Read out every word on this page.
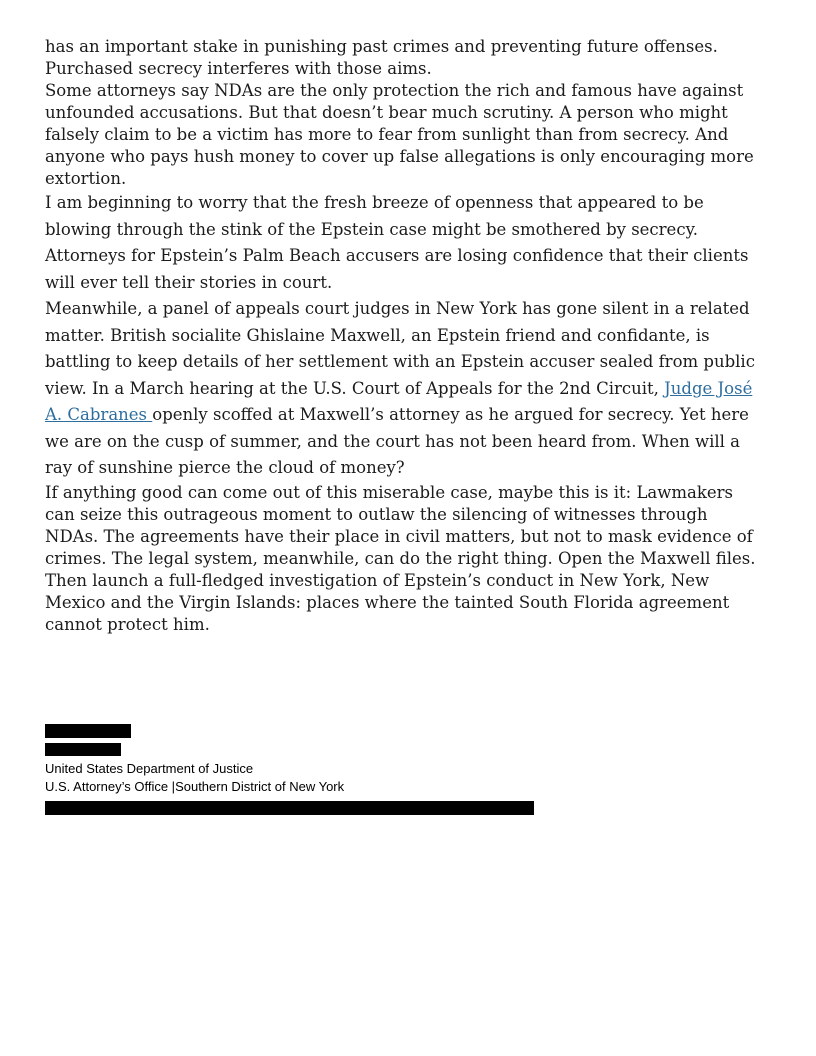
has an important stake in punishing past crimes and preventing future offenses. Purchased secrecy interferes with those aims.

Some attorneys say NDAs are the only protection the rich and famous have against unfounded accusations. But that doesn’t bear much scrutiny. A person who might falsely claim to be a victim has more to fear from sunlight than from secrecy. And anyone who pays hush money to cover up false allegations is only encouraging more extortion.

I am beginning to worry that the fresh breeze of openness that appeared to be blowing through the stink of the Epstein case might be smothered by secrecy. Attorneys for Epstein’s Palm Beach accusers are losing confidence that their clients will ever tell their stories in court.

Meanwhile, a panel of appeals court judges in New York has gone silent in a related matter. British socialite Ghislaine Maxwell, an Epstein friend and confidante, is battling to keep details of her settlement with an Epstein accuser sealed from public view. In a March hearing at the U.S. Court of Appeals for the 2nd Circuit, Judge José A. Cabranes openly scoffed at Maxwell’s attorney as he argued for secrecy. Yet here we are on the cusp of summer, and the court has not been heard from. When will a ray of sunshine pierce the cloud of money?

If anything good can come out of this miserable case, maybe this is it: Lawmakers can seize this outrageous moment to outlaw the silencing of witnesses through NDAs. The agreements have their place in civil matters, but not to mask evidence of crimes. The legal system, meanwhile, can do the right thing. Open the Maxwell files. Then launch a full-fledged investigation of Epstein’s conduct in New York, New Mexico and the Virgin Islands: places where the tainted South Florida agreement cannot protect him.

United States Department of Justice
U.S. Attorney’s Office |Southern District of New York
